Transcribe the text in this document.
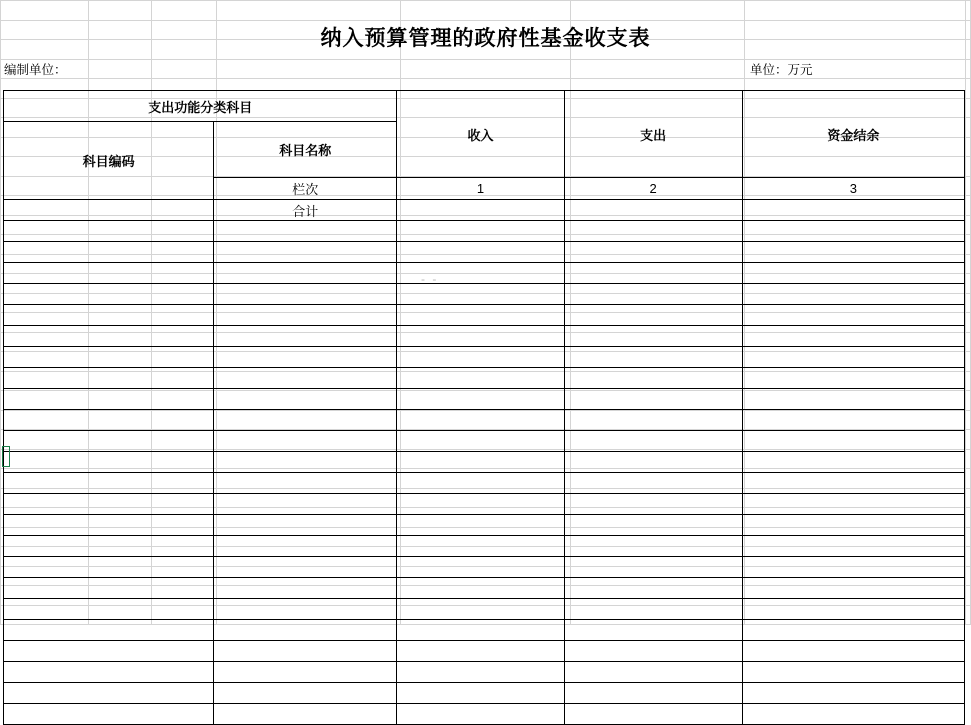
纳入预算管理的政府性基金收支表
编制单位：	单位：万元
支出功能分类科目		收入	支出	资金结余
科目编码	科目名称			
	栏次	1	2	3
	合计			

- -
